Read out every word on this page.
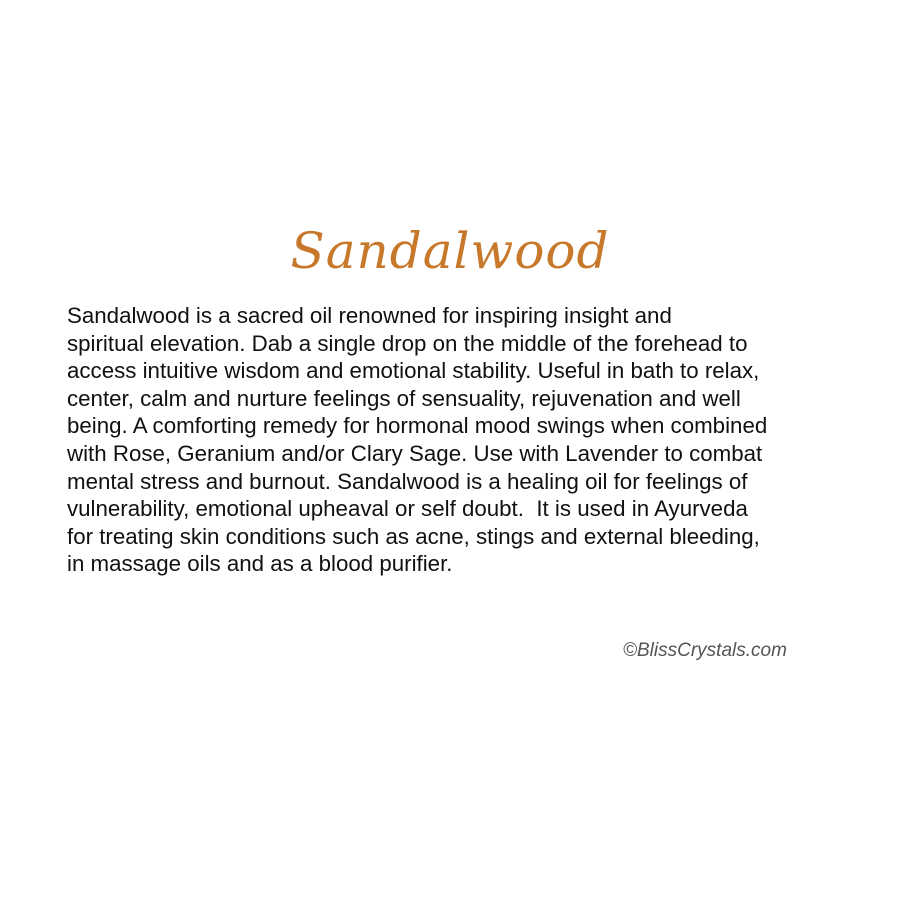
Sandalwood
Sandalwood is a sacred oil renowned for inspiring insight and
spiritual elevation. Dab a single drop on the middle of the forehead to
access intuitive wisdom and emotional stability. Useful in bath to relax,
center, calm and nurture feelings of sensuality, rejuvenation and well
being. A comforting remedy for hormonal mood swings when combined
with Rose, Geranium and/or Clary Sage. Use with Lavender to combat
mental stress and burnout. Sandalwood is a healing oil for feelings of
vulnerability, emotional upheaval or self doubt.  It is used in Ayurveda
for treating skin conditions such as acne, stings and external bleeding,
in massage oils and as a blood purifier.
©BlissCrystals.com
